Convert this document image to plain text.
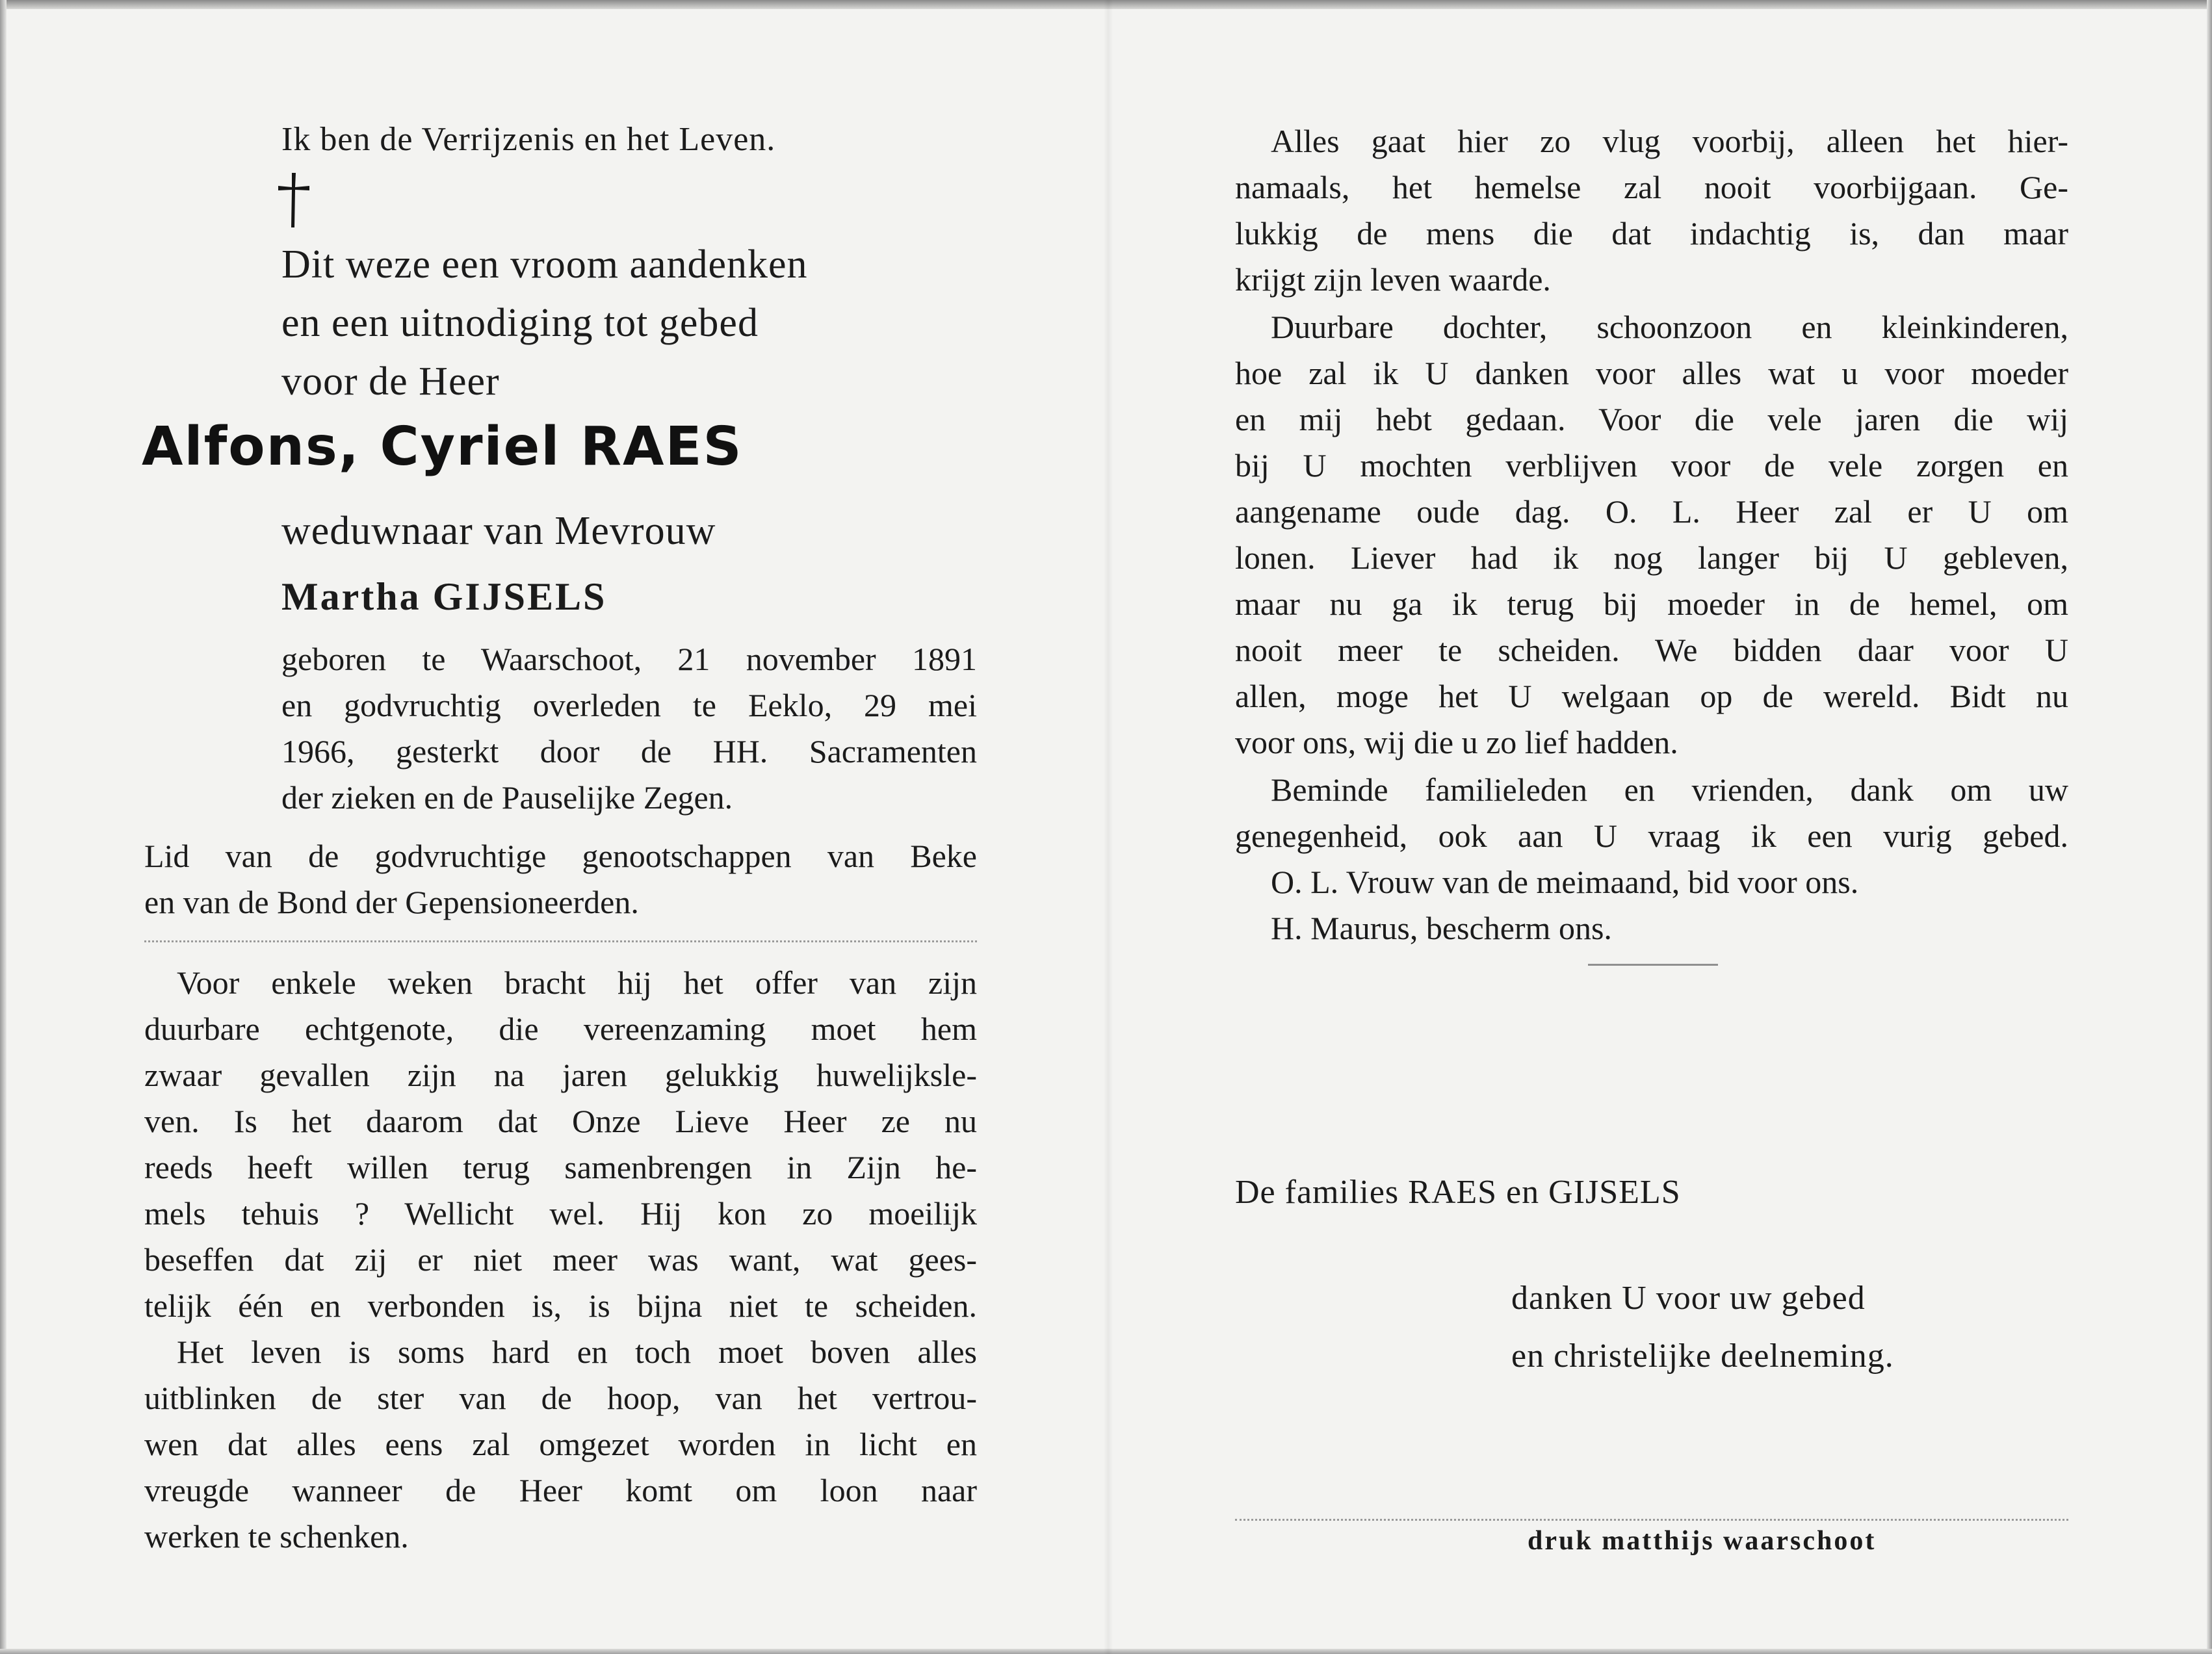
Ik ben de Verrijzenis en het Leven.
Dit weze een vroom aandenken
en een uitnodiging tot gebed
voor de Heer
Alfons, Cyriel RAES
weduwnaar van Mevrouw
Martha GIJSELS
geboren te Waarschoot, 21 november 1891
en godvruchtig overleden te Eeklo, 29 mei
1966, gesterkt door de HH. Sacramenten
der zieken en de Pauselijke Zegen.
Lid van de godvruchtige genootschappen van Beke
en van de Bond der Gepensioneerden.
Voor enkele weken bracht hij het offer van zijn
duurbare echtgenote, die vereenzaming moet hem
zwaar gevallen zijn na jaren gelukkig huwelijksle-
ven. Is het daarom dat Onze Lieve Heer ze nu
reeds heeft willen terug samenbrengen in Zijn he-
mels tehuis ? Wellicht wel. Hij kon zo moeilijk
beseffen dat zij er niet meer was want, wat gees-
telijk één en verbonden is, is bijna niet te scheiden.
Het leven is soms hard en toch moet boven alles
uitblinken de ster van de hoop, van het vertrou-
wen dat alles eens zal omgezet worden in licht en
vreugde wanneer de Heer komt om loon naar
werken te schenken.
Alles gaat hier zo vlug voorbij, alleen het hier-
namaals, het hemelse zal nooit voorbijgaan. Ge-
lukkig de mens die dat indachtig is, dan maar
krijgt zijn leven waarde.
Duurbare dochter, schoonzoon en kleinkinderen,
hoe zal ik U danken voor alles wat u voor moeder
en mij hebt gedaan. Voor die vele jaren die wij
bij U mochten verblijven voor de vele zorgen en
aangename oude dag. O. L. Heer zal er U om
lonen. Liever had ik nog langer bij U gebleven,
maar nu ga ik terug bij moeder in de hemel, om
nooit meer te scheiden. We bidden daar voor U
allen, moge het U welgaan op de wereld. Bidt nu
voor ons, wij die u zo lief hadden.
Beminde familieleden en vrienden, dank om uw
genegenheid, ook aan U vraag ik een vurig gebed.
O. L. Vrouw van de meimaand, bid voor ons.
H. Maurus, bescherm ons.
De families RAES en GIJSELS
danken U voor uw gebed
en christelijke deelneming.
druk matthijs waarschoot
